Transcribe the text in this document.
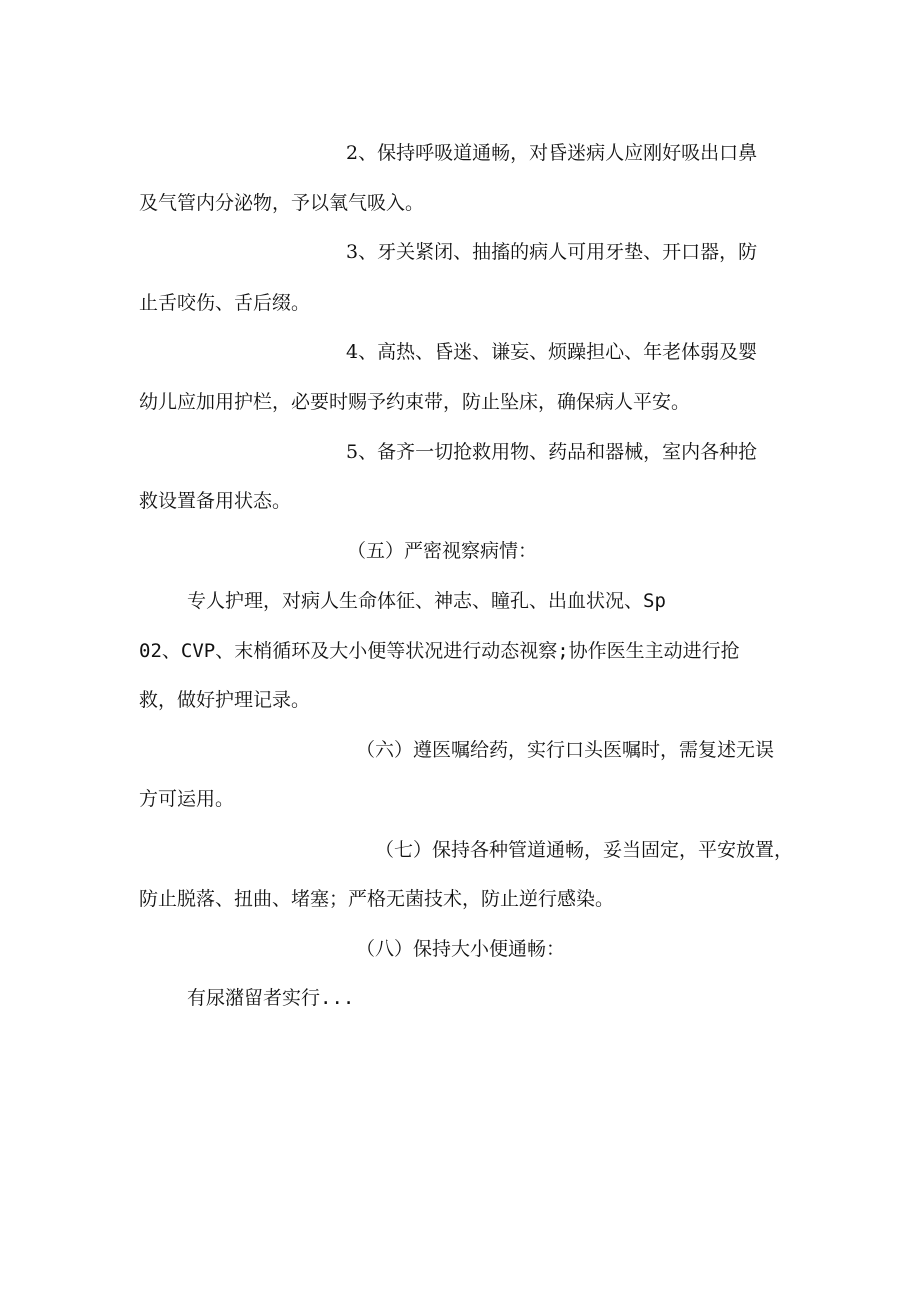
2、保持呼吸道通畅，对昏迷病人应刚好吸出口鼻
及气管内分泌物，予以氧气吸入。
3、牙关紧闭、抽搐的病人可用牙垫、开口器，防
止舌咬伤、舌后缀。
4、高热、昏迷、谦妄、烦躁担心、年老体弱及婴
幼儿应加用护栏，必要时赐予约束带，防止坠床，确保病人平安。
5、备齐一切抢救用物、药品和器械，室内各种抢
救设置备用状态。
（五）严密视察病情：
专人护理，对病人生命体征、神志、瞳孔、出血状况、Sp
02、CVP、末梢循环及大小便等状况进行动态视察;协作医生主动进行抢
救，做好护理记录。
（六）遵医嘱给药，实行口头医嘱时，需复述无误
方可运用。
（七）保持各种管道通畅，妥当固定，平安放置，
防止脱落、扭曲、堵塞；严格无菌技术，防止逆行感染。
（八）保持大小便通畅：
有尿潴留者实行...
